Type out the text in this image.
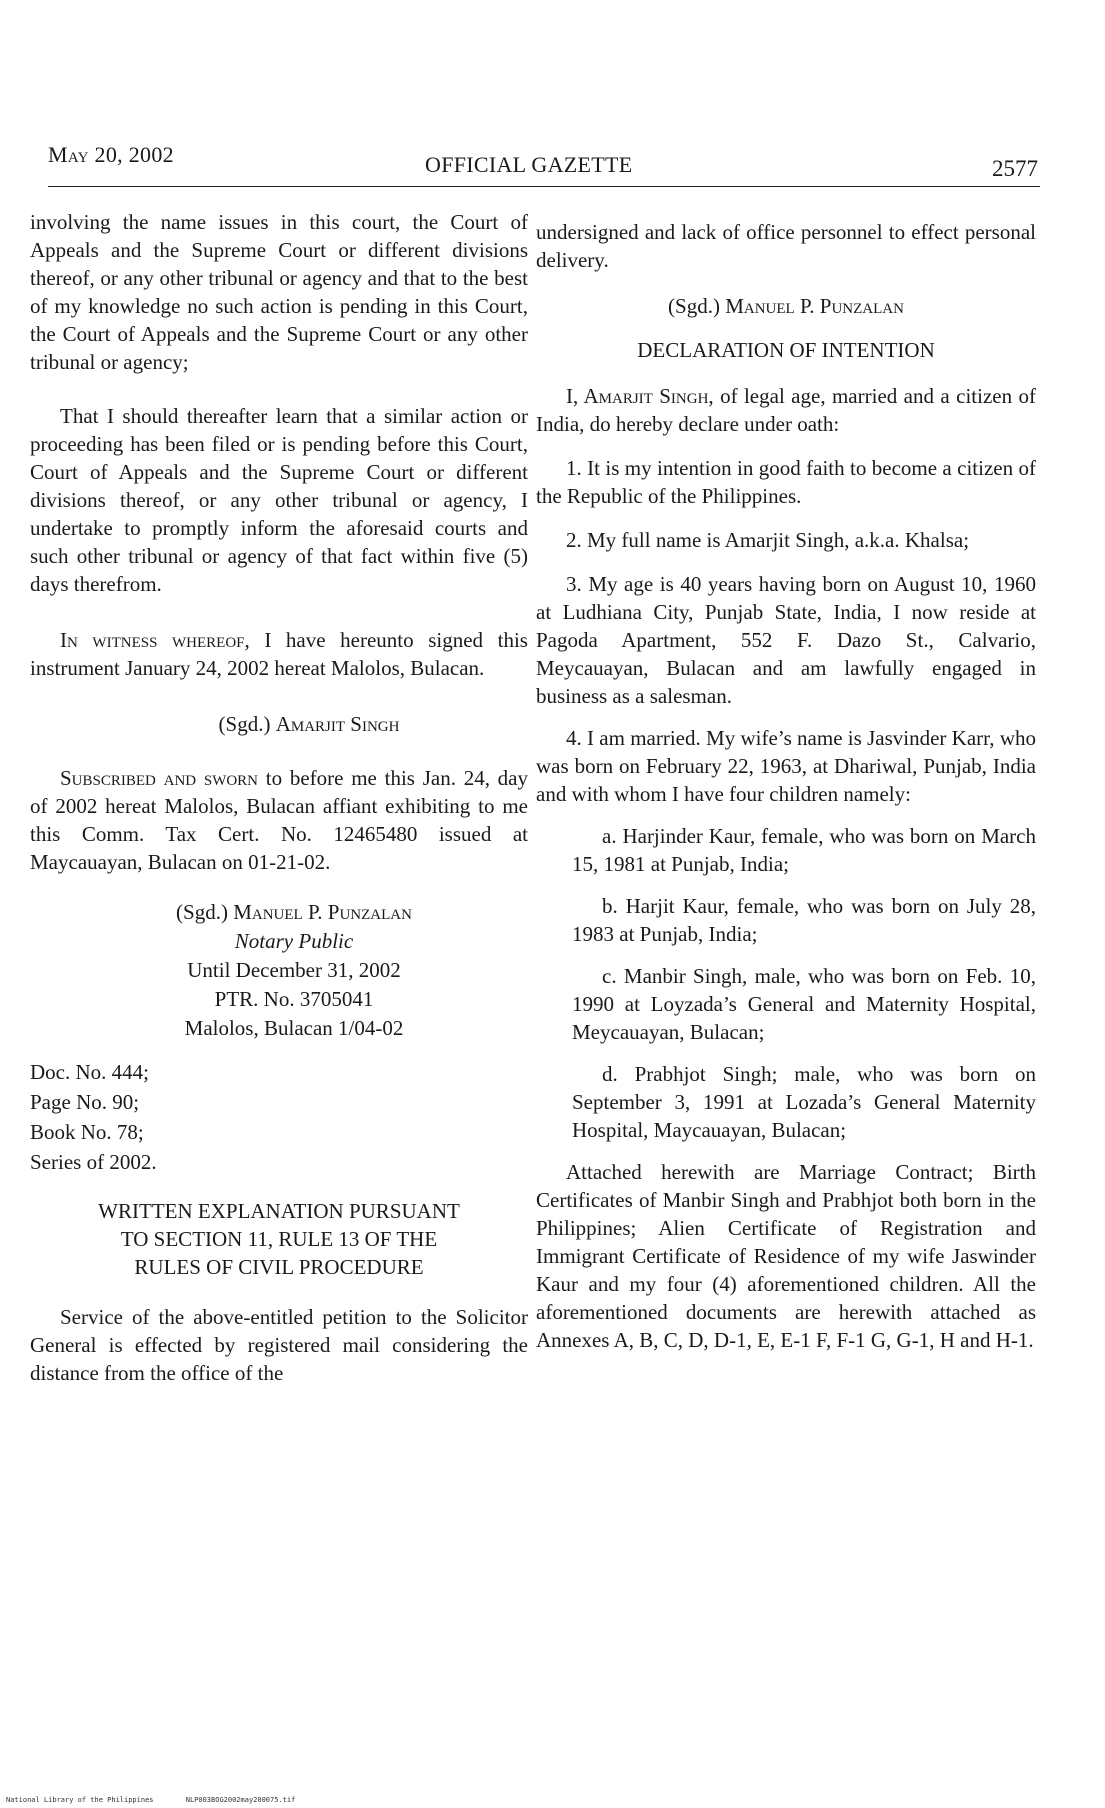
May 20, 2002	OFFICIAL GAZETTE	2577

involving the name issues in this court, the Court of Appeals and the Supreme Court or different divisions thereof, or any other tribunal or agency and that to the best of my knowledge no such action is pending in this Court, the Court of Appeals and the Supreme Court or any other tribunal or agency;

That I should thereafter learn that a similar action or proceeding has been filed or is pending before this Court, Court of Appeals and the Supreme Court or different divisions thereof, or any other tribunal or agency, I undertake to promptly inform the aforesaid courts and such other tribunal or agency of that fact within five (5) days therefrom.

In witness whereof, I have hereunto signed this instrument January 24, 2002 hereat Malolos, Bulacan.

(Sgd.) Amarjit Singh

Subscribed and sworn to before me this Jan. 24, day of 2002 hereat Malolos, Bulacan affiant exhibiting to me this Comm. Tax Cert. No. 12465480 issued at Maycauayan, Bulacan on 01-21-02.

(Sgd.) Manuel P. Punzalan

Notary Public

Until December 31, 2002

PTR. No. 3705041

Malolos, Bulacan 1/04-02

Doc. No. 444;

Page No. 90;

Book No. 78;

Series of 2002.

WRITTEN EXPLANATION PURSUANT

TO SECTION 11, RULE 13 OF THE

RULES OF CIVIL PROCEDURE

Service of the above-entitled petition to the Solicitor General is effected by registered mail considering the distance from the office of the

undersigned and lack of office personnel to effect personal delivery.

(Sgd.) Manuel P. Punzalan

DECLARATION OF INTENTION

I, Amarjit Singh, of legal age, married and a citizen of India, do hereby declare under oath:

1. It is my intention in good faith to become a citizen of the Republic of the Philippines.

2. My full name is Amarjit Singh, a.k.a. Khalsa;

3. My age is 40 years having born on August 10, 1960 at Ludhiana City, Punjab State, India, I now reside at Pagoda Apartment, 552 F. Dazo St., Calvario, Meycauayan, Bulacan and am lawfully engaged in business as a salesman.

4. I am married. My wife’s name is Jasvinder Karr, who was born on February 22, 1963, at Dhariwal, Punjab, India and with whom I have four children namely:

a. Harjinder Kaur, female, who was born on March 15, 1981 at Punjab, India;

b. Harjit Kaur, female, who was born on July 28, 1983 at Punjab, India;

c. Manbir Singh, male, who was born on Feb. 10, 1990 at Loyzada’s General and Maternity Hospital, Meycauayan, Bulacan;

d. Prabhjot Singh; male, who was born on September 3, 1991 at Lozada’s General Maternity Hospital, Maycauayan, Bulacan;

Attached herewith are Marriage Contract; Birth Certificates of Manbir Singh and Prabhjot both born in the Philippines; Alien Certificate of Registration and Immigrant Certificate of Residence of my wife Jaswinder Kaur and my four (4) aforementioned children. All the aforementioned documents are herewith attached as Annexes A, B, C, D, D-1, E, E-1 F, F-1 G, G-1, H and H-1.

National Library of the Philippines	NLP003BOG2002may200075.tif
